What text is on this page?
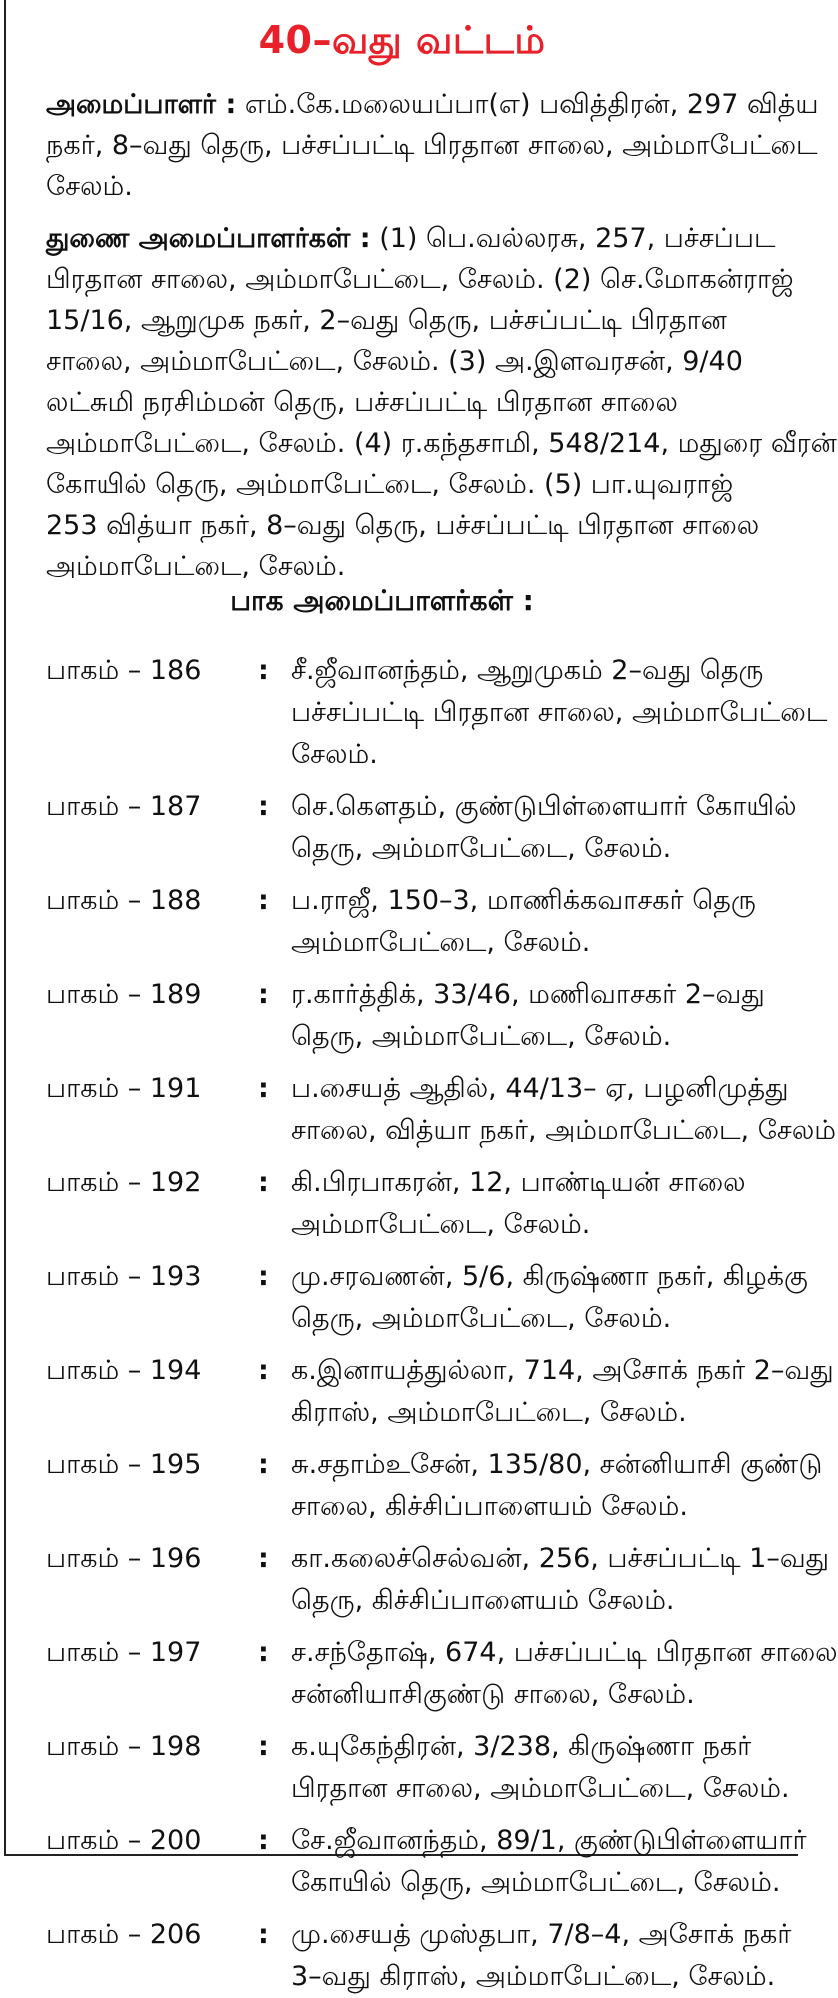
40–வது வட்டம்
அமைப்பாளர் : எம்.கே.மலையப்பா(எ) பவித்திரன், 297 வித்ய
நகர், 8–வது தெரு, பச்சப்பட்டி பிரதான சாலை, அம்மாபேட்டை
சேலம்.
துணை அமைப்பாளர்கள் : (1) பெ.வல்லரசு, 257, பச்சப்பட
பிரதான சாலை, அம்மாபேட்டை, சேலம். (2) செ.மோகன்ராஜ்
15/16, ஆறுமுக நகர், 2–வது தெரு, பச்சப்பட்டி பிரதான
சாலை, அம்மாபேட்டை, சேலம். (3) அ.இளவரசன், 9/40
லட்சுமி நரசிம்மன் தெரு, பச்சப்பட்டி பிரதான சாலை
அம்மாபேட்டை, சேலம். (4) ர.கந்தசாமி, 548/214, மதுரை வீரன்
கோயில் தெரு, அம்மாபேட்டை, சேலம். (5) பா.யுவராஜ்
253 வித்யா நகர், 8–வது தெரு, பச்சப்பட்டி பிரதான சாலை
அம்மாபேட்டை, சேலம்.
பாக அமைப்பாளர்கள் :
பாகம் – 186 : சீ.ஜீவானந்தம், ஆறுமுகம் 2–வது தெரு
பச்சப்பட்டி பிரதான சாலை, அம்மாபேட்டை
சேலம்.
பாகம் – 187 : செ.கௌதம், குண்டுபிள்ளையார் கோயில்
தெரு, அம்மாபேட்டை, சேலம்.
பாகம் – 188 : ப.ராஜீ, 150–3, மாணிக்கவாசகர் தெரு
அம்மாபேட்டை, சேலம்.
பாகம் – 189 : ர.கார்த்திக், 33/46, மணிவாசகர் 2–வது
தெரு, அம்மாபேட்டை, சேலம்.
பாகம் – 191 : ப.சையத் ஆதில், 44/13– ஏ, பழனிமுத்து
சாலை, வித்யா நகர், அம்மாபேட்டை, சேலம்
பாகம் – 192 : கி.பிரபாகரன், 12, பாண்டியன் சாலை
அம்மாபேட்டை, சேலம்.
பாகம் – 193 : மு.சரவணன், 5/6, கிருஷ்ணா நகர், கிழக்கு
தெரு, அம்மாபேட்டை, சேலம்.
பாகம் – 194 : க.இனாயத்துல்லா, 714, அசோக் நகர் 2–வது
கிராஸ், அம்மாபேட்டை, சேலம்.
பாகம் – 195 : சு.சதாம்உசேன், 135/80, சன்னியாசி குண்டு
சாலை, கிச்சிப்பாளையம் சேலம்.
பாகம் – 196 : கா.கலைச்செல்வன், 256, பச்சப்பட்டி 1–வது
தெரு, கிச்சிப்பாளையம் சேலம்.
பாகம் – 197 : ச.சந்தோஷ், 674, பச்சப்பட்டி பிரதான சாலை
சன்னியாசிகுண்டு சாலை, சேலம்.
பாகம் – 198 : க.யுகேந்திரன், 3/238, கிருஷ்ணா நகர்
பிரதான சாலை, அம்மாபேட்டை, சேலம்.
பாகம் – 200 : சே.ஜீவானந்தம், 89/1, குண்டுபிள்ளையார்
கோயில் தெரு, அம்மாபேட்டை, சேலம்.
பாகம் – 206 : மு.சையத் முஸ்தபா, 7/8–4, அசோக் நகர்
3–வது கிராஸ், அம்மாபேட்டை, சேலம்.
